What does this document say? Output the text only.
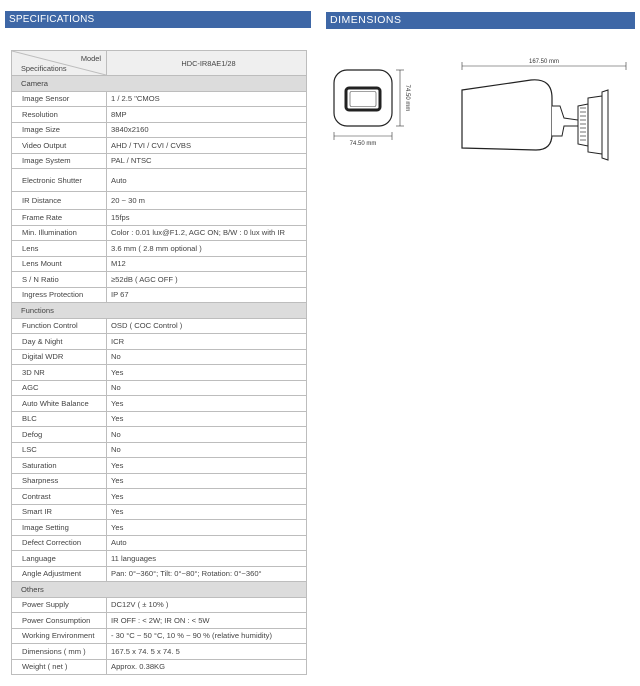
SPECIFICATIONS	DIMENSIONS
Model
Specifications	HDC-IR8AE1/28
Camera	
Image Sensor	1 / 2.5 "CMOS
Resolution	8MP
Image Size	3840x2160
Video Output	AHD / TVI / CVI / CVBS
Image System	PAL / NTSC
Electronic Shutter	Auto
IR Distance	20 ~ 30 m
Frame Rate	15fps
Min. Illumination	Color : 0.01 lux@F1.2, AGC ON; B/W : 0 lux with IR
Lens	3.6 mm ( 2.8 mm optional )
Lens Mount	M12
S / N Ratio	≥52dB ( AGC OFF )
Ingress Protection	IP 67
Functions	
Function Control	OSD ( COC Control )
Day & Night	ICR
Digital WDR	No
3D NR	Yes
AGC	No
Auto White Balance	Yes
BLC	Yes
Defog	No
LSC	No
Saturation	Yes
Sharpness	Yes
Contrast	Yes
Smart IR	Yes
Image Setting	Yes
Defect Correction	Auto
Language	11 languages
Angle Adjustment	Pan: 0°~360°; Tilt: 0°~80°; Rotation: 0°~360°
Others	
Power Supply	DC12V ( ± 10% )
Power Consumption	IR OFF : < 2W; IR ON : < 5W
Working Environment	- 30 °C ~ 50 °C, 10 % ~ 90 % (relative humidity)
Dimensions ( mm )	167.5 x 74. 5 x 74. 5
Weight ( net )	Approx. 0.38KG
74.50 mm
74.50 mm
167.50 mm
